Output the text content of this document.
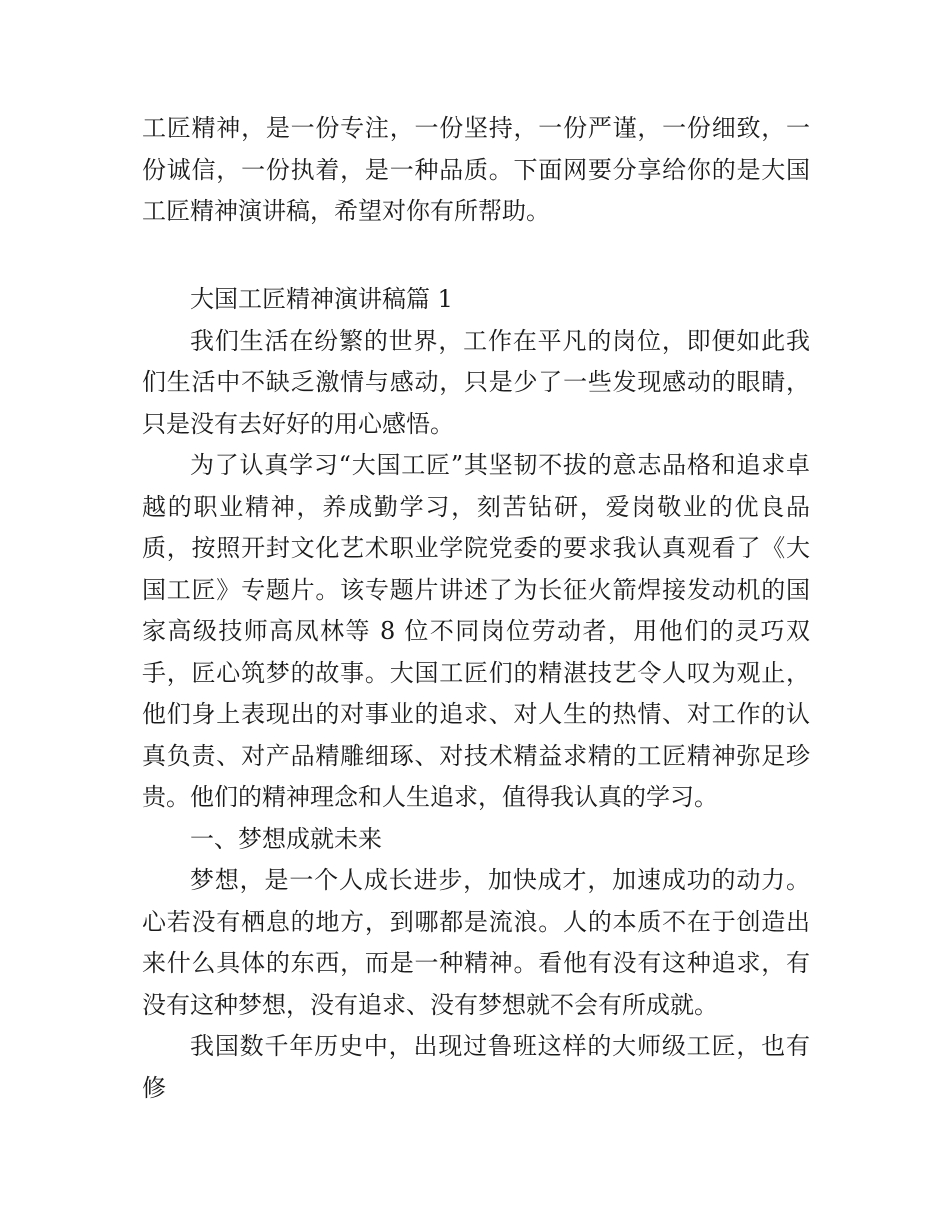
工匠精神，是一份专注，一份坚持，一份严谨，一份细致，一份诚信，一份执着，是一种品质。下面网要分享给你的是大国工匠精神演讲稿，希望对你有所帮助。

大国工匠精神演讲稿篇 1

我们生活在纷繁的世界，工作在平凡的岗位，即便如此我们生活中不缺乏激情与感动，只是少了一些发现感动的眼睛，只是没有去好好的用心感悟。

为了认真学习“大国工匠”其坚韧不拔的意志品格和追求卓越的职业精神，养成勤学习，刻苦钻研，爱岗敬业的优良品质，按照开封文化艺术职业学院党委的要求我认真观看了《大国工匠》专题片。该专题片讲述了为长征火箭焊接发动机的国家高级技师高凤林等 8 位不同岗位劳动者，用他们的灵巧双手，匠心筑梦的故事。大国工匠们的精湛技艺令人叹为观止，他们身上表现出的对事业的追求、对人生的热情、对工作的认真负责、对产品精雕细琢、对技术精益求精的工匠精神弥足珍贵。他们的精神理念和人生追求，值得我认真的学习。

一、梦想成就未来

梦想，是一个人成长进步，加快成才，加速成功的动力。心若没有栖息的地方，到哪都是流浪。人的本质不在于创造出来什么具体的东西，而是一种精神。看他有没有这种追求，有没有这种梦想，没有追求、没有梦想就不会有所成就。

我国数千年历史中，出现过鲁班这样的大师级工匠，也有修
